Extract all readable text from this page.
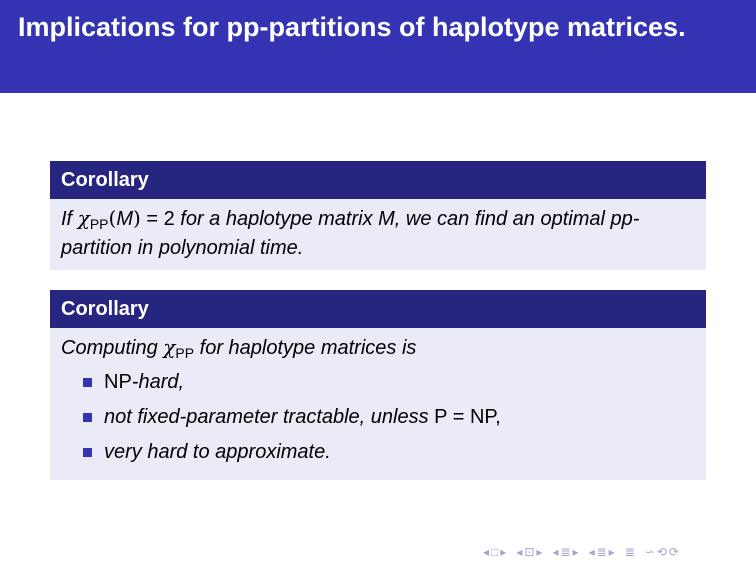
Implications for pp-partitions of haplotype matrices.
Corollary
If $\chi_{PP}(M) = 2$ for a haplotype matrix M, we can find an optimal pp-partition in polynomial time.
Corollary
Computing $\chi_{PP}$ for haplotype matrices is
NP-hard,
not fixed-parameter tractable, unless P = NP,
very hard to approximate.
◂ □ ▸ ◂ ⊡ ▸ ◂ ≣ ▸ ◂ ≣ ▸ ≣ ∽ ⟲ ⟳
